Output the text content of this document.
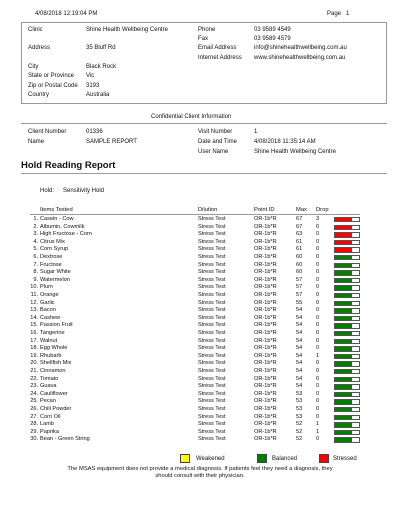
4/08/2018 12:19:04 PM	Page 1
Clinic	Shine Health Wellbeing Centre
Address	35 Bluff Rd
City	Black Rock
State or Province Vic
Zip or Postal Code 3193
Country	Australia
Phone	03 9589 4549
Fax	03 9589 4579
Email Address	info@shinehealthwellbeing.com.au
Internet Address www.shinehealthwellbeing.com.au
Confidential Client Information
Client Number	01336
Name	SAMPLE REPORT
Visit Number	1
Date and Time	4/08/2018 11:35:14 AM
User Name	Shine Health Wellbeing Centre
Hold Reading Report
Hold: Sensitivity Hold
Items Tested	Dilution	Point ID	Max Drop
1. Casein - Cow	Stress Test	OR-1b*R	67 3
2. Albumin, Cowmilk	Stress Test	OR-1b*R	67 0
3. High Fructose - Corn	Stress Test	OR-1b*R	63 0
4. Citrus Mix	Stress Test	OR-1b*R	61 0
5. Corn Syrup	Stress Test	OR-1b*R	61 0
6. Dextrose	Stress Test	OR-1b*R	60 0
7. Fructose	Stress Test	OR-1b*R	60 0
8. Sugar White	Stress Test	OR-1b*R	60 0
9. Watermelon	Stress Test	OR-1b*R	57 0
10. Plum	Stress Test	OR-1b*R	57 0
11. Orange	Stress Test	OR-1b*R	57 0
12. Garlic	Stress Test	OR-1b*R	55 0
13. Bacon	Stress Test	OR-1b*R	54 0
14. Cashew	Stress Test	OR-1b*R	54 0
15. Passion Fruit	Stress Test	OR-1b*R	54 0
16. Tangerine	Stress Test	OR-1b*R	54 0
17. Walnut	Stress Test	OR-1b*R	54 0
18. Egg Whole	Stress Test	OR-1b*R	54 0
19. Rhubarb	Stress Test	OR-1b*R	54 1
20. Shellfish Mix	Stress Test	OR-1b*R	54 0
21. Cinnamon	Stress Test	OR-1b*R	54 0
22. Tomato	Stress Test	OR-1b*R	54 0
23. Guava	Stress Test	OR-1b*R	54 0
24. Cauliflower	Stress Test	OR-1b*R	53 0
25. Pecan	Stress Test	OR-1b*R	53 0
26. Chili Powder	Stress Test	OR-1b*R	53 0
27. Corn Oil	Stress Test	OR-1b*R	53 0
28. Lamb	Stress Test	OR-1b*R	52 1
29. Paprika	Stress Test	OR-1b*R	52 1
30. Bean - Green String	Stress Test	OR-1b*R	52 0
Weakened	Balanced	Stressed
The MSAS equipment does not provide a medical diagnosis. If patients feel they need a diagnosis, they
should consult with their physician.
